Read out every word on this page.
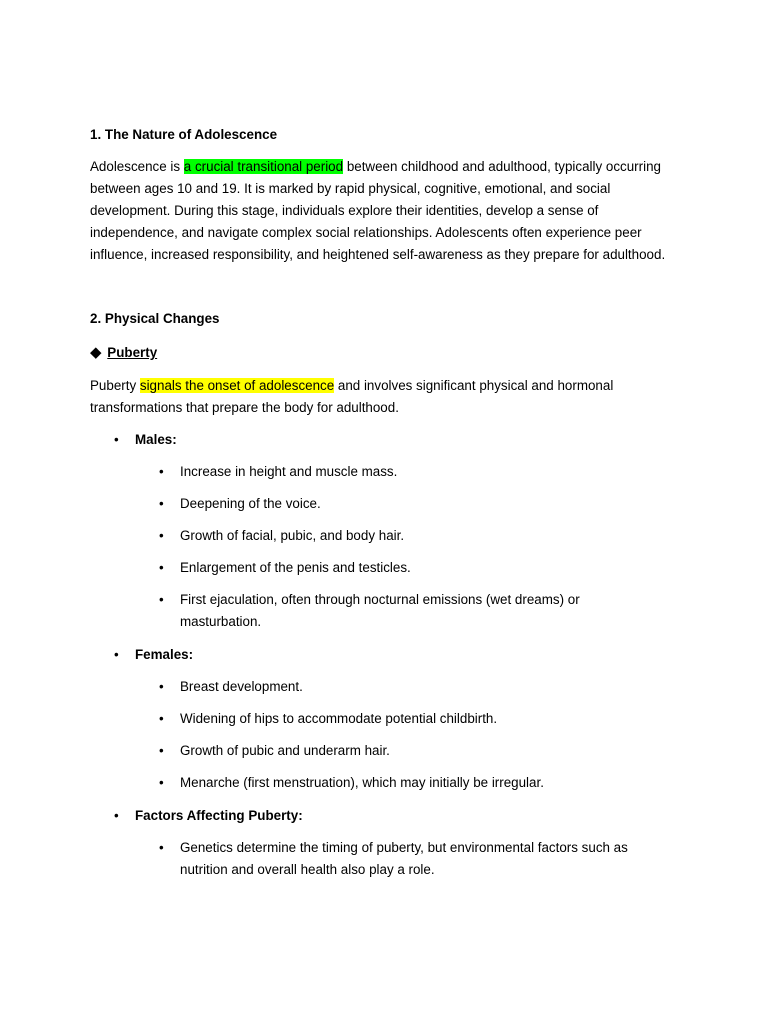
1. The Nature of Adolescence

Adolescence is a crucial transitional period between childhood and adulthood, typically occurring between ages 10 and 19. It is marked by rapid physical, cognitive, emotional, and social development. During this stage, individuals explore their identities, develop a sense of independence, and navigate complex social relationships. Adolescents often experience peer influence, increased responsibility, and heightened self-awareness as they prepare for adulthood.

2. Physical Changes

◆ Puberty

Puberty signals the onset of adolescence and involves significant physical and hormonal transformations that prepare the body for adulthood.

• Males:
• Increase in height and muscle mass.
• Deepening of the voice.
• Growth of facial, pubic, and body hair.
• Enlargement of the penis and testicles.
• First ejaculation, often through nocturnal emissions (wet dreams) or masturbation.
• Females:
• Breast development.
• Widening of hips to accommodate potential childbirth.
• Growth of pubic and underarm hair.
• Menarche (first menstruation), which may initially be irregular.
• Factors Affecting Puberty:
• Genetics determine the timing of puberty, but environmental factors such as nutrition and overall health also play a role.
